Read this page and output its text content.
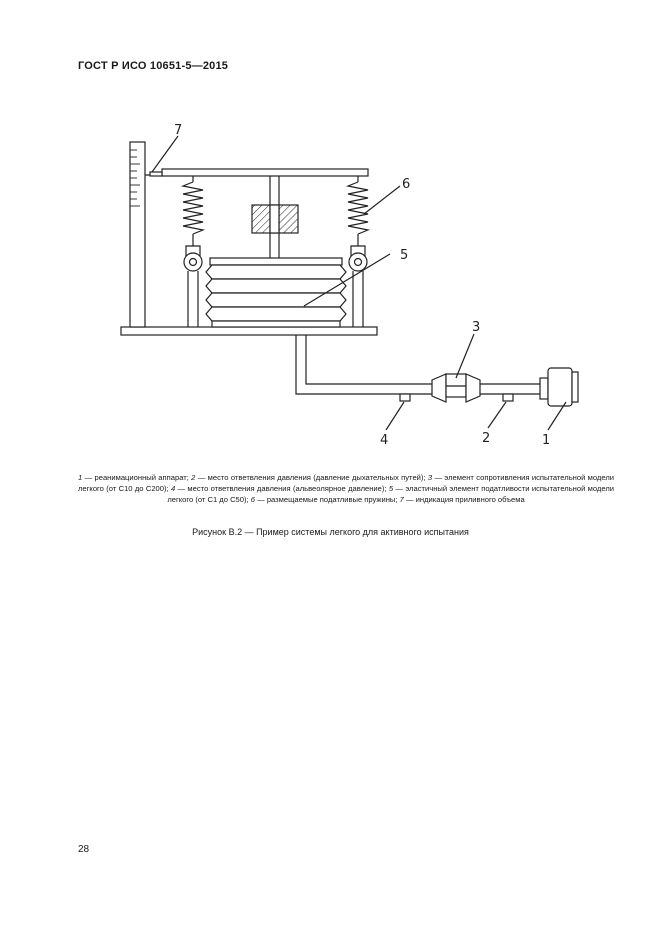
ГОСТ Р ИСО 10651-5—2015
7
6
5
3
4	2	1
1 — реанимационный аппарат; 2 — место ответвления давления (давление дыхательных путей); 3 — элемент сопротивления испытательной модели легкого (от С10 до С200); 4 — место ответвления давления (альвеолярное давление); 5 — эластичный элемент податливости испытательной модели легкого (от С1 до С50); 6 — размещаемые податливые пружины; 7 — индикация приливного объема
Рисунок B.2 — Пример системы легкого для активного испытания
28
